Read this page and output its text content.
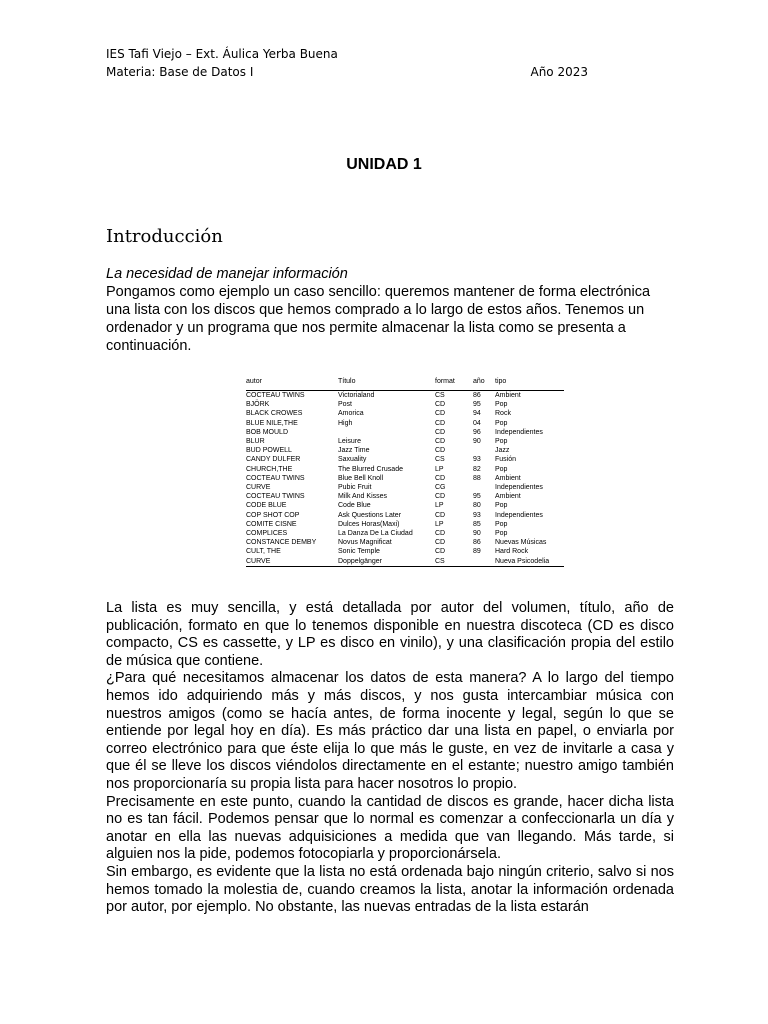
IES Tafi Viejo – Ext. Áulica Yerba Buena
Materia: Base de Datos I	Año 2023
UNIDAD 1
Introducción
La necesidad de manejar información
Pongamos como ejemplo un caso sencillo: queremos mantener de forma electrónica una lista con los discos que hemos comprado a lo largo de estos años. Tenemos un ordenador y un programa que nos permite almacenar la lista como se presenta a continuación.
autor	Título	format	año	tipo
COCTEAU TWINS	Victorialand	CS	86	Ambient
BJÖRK	Post	CD	95	Pop
BLACK CROWES	Amorica	CD	94	Rock
BLUE NILE,THE	High	CD	04	Pop
BOB MOULD		CD	96	Independientes
BLUR	Leisure	CD	90	Pop
BUD POWELL	Jazz Time	CD		Jazz
CANDY DULFER	Saxuality	CS	93	Fusión
CHURCH,THE	The Blurred Crusade	LP	82	Pop
COCTEAU TWINS	Blue Bell Knoll	CD	88	Ambient
CURVE	Pubic Fruit	CG		Independientes
COCTEAU TWINS	Milk And Kisses	CD	95	Ambient
CODE BLUE	Code Blue	LP	80	Pop
COP SHOT COP	Ask Questions Later	CD	93	Independientes
COMITE CISNE	Dulces Horas(Maxi)	LP	85	Pop
COMPLICES	La Danza De La Ciudad	CD	90	Pop
CONSTANCE DEMBY	Novus Magnificat	CD	86	Nuevas Músicas
CULT, THE	Sonic Temple	CD	89	Hard Rock
CURVE	Doppelgänger	CS		Nueva Psicodelia

La lista es muy sencilla, y está detallada por autor del volumen, título, año de publicación, formato en que lo tenemos disponible en nuestra discoteca (CD es disco compacto, CS es cassette, y LP es disco en vinilo), y una clasificación propia del estilo de música que contiene.

¿Para qué necesitamos almacenar los datos de esta manera? A lo largo del tiempo hemos ido adquiriendo más y más discos, y nos gusta intercambiar música con nuestros amigos (como se hacía antes, de forma inocente y legal, según lo que se entiende por legal hoy en día). Es más práctico dar una lista en papel, o enviarla por correo electrónico para que éste elija lo que más le guste, en vez de invitarle a casa y que él se lleve los discos viéndolos directamente en el estante; nuestro amigo también nos proporcionaría su propia lista para hacer nosotros lo propio.

Precisamente en este punto, cuando la cantidad de discos es grande, hacer dicha lista no es tan fácil. Podemos pensar que lo normal es comenzar a confeccionarla un día y anotar en ella las nuevas adquisiciones a medida que van llegando. Más tarde, si alguien nos la pide, podemos fotocopiarla y proporcionársela.

Sin embargo, es evidente que la lista no está ordenada bajo ningún criterio, salvo si nos hemos tomado la molestia de, cuando creamos la lista, anotar la información ordenada por autor, por ejemplo. No obstante, las nuevas entradas de la lista estarán
